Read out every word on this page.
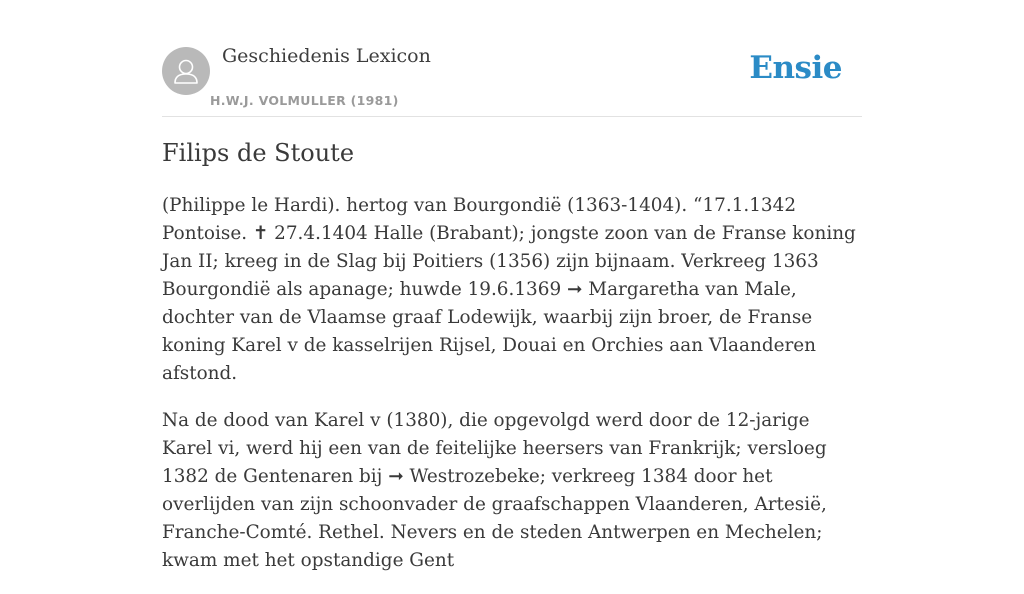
Geschiedenis Lexicon
H.W.J. VOLMULLER (1981)
Ensie
Filips de Stoute

(Philippe le Hardi). hertog van Bourgondië (1363-1404). “17.1.1342 Pontoise. ✝ 27.4.1404 Halle (Brabant); jongste zoon van de Franse koning Jan II; kreeg in de Slag bij Poitiers (1356) zijn bijnaam. Verkreeg 1363 Bourgondië als apanage; huwde 19.6.1369 ➞ Margaretha van Male, dochter van de Vlaamse graaf Lodewijk, waarbij zijn broer, de Franse koning Karel v de kasselrijen Rijsel, Douai en Orchies aan Vlaanderen afstond.

Na de dood van Karel v (1380), die opgevolgd werd door de 12-jarige Karel vi, werd hij een van de feitelijke heersers van Frankrijk; versloeg 1382 de Gentenaren bij ➞ Westrozebeke; verkreeg 1384 door het overlijden van zijn schoonvader de graafschappen Vlaanderen, Artesië, Franche-Comté. Rethel. Nevers en de steden Antwerpen en Mechelen; kwam met het opstandige Gent
